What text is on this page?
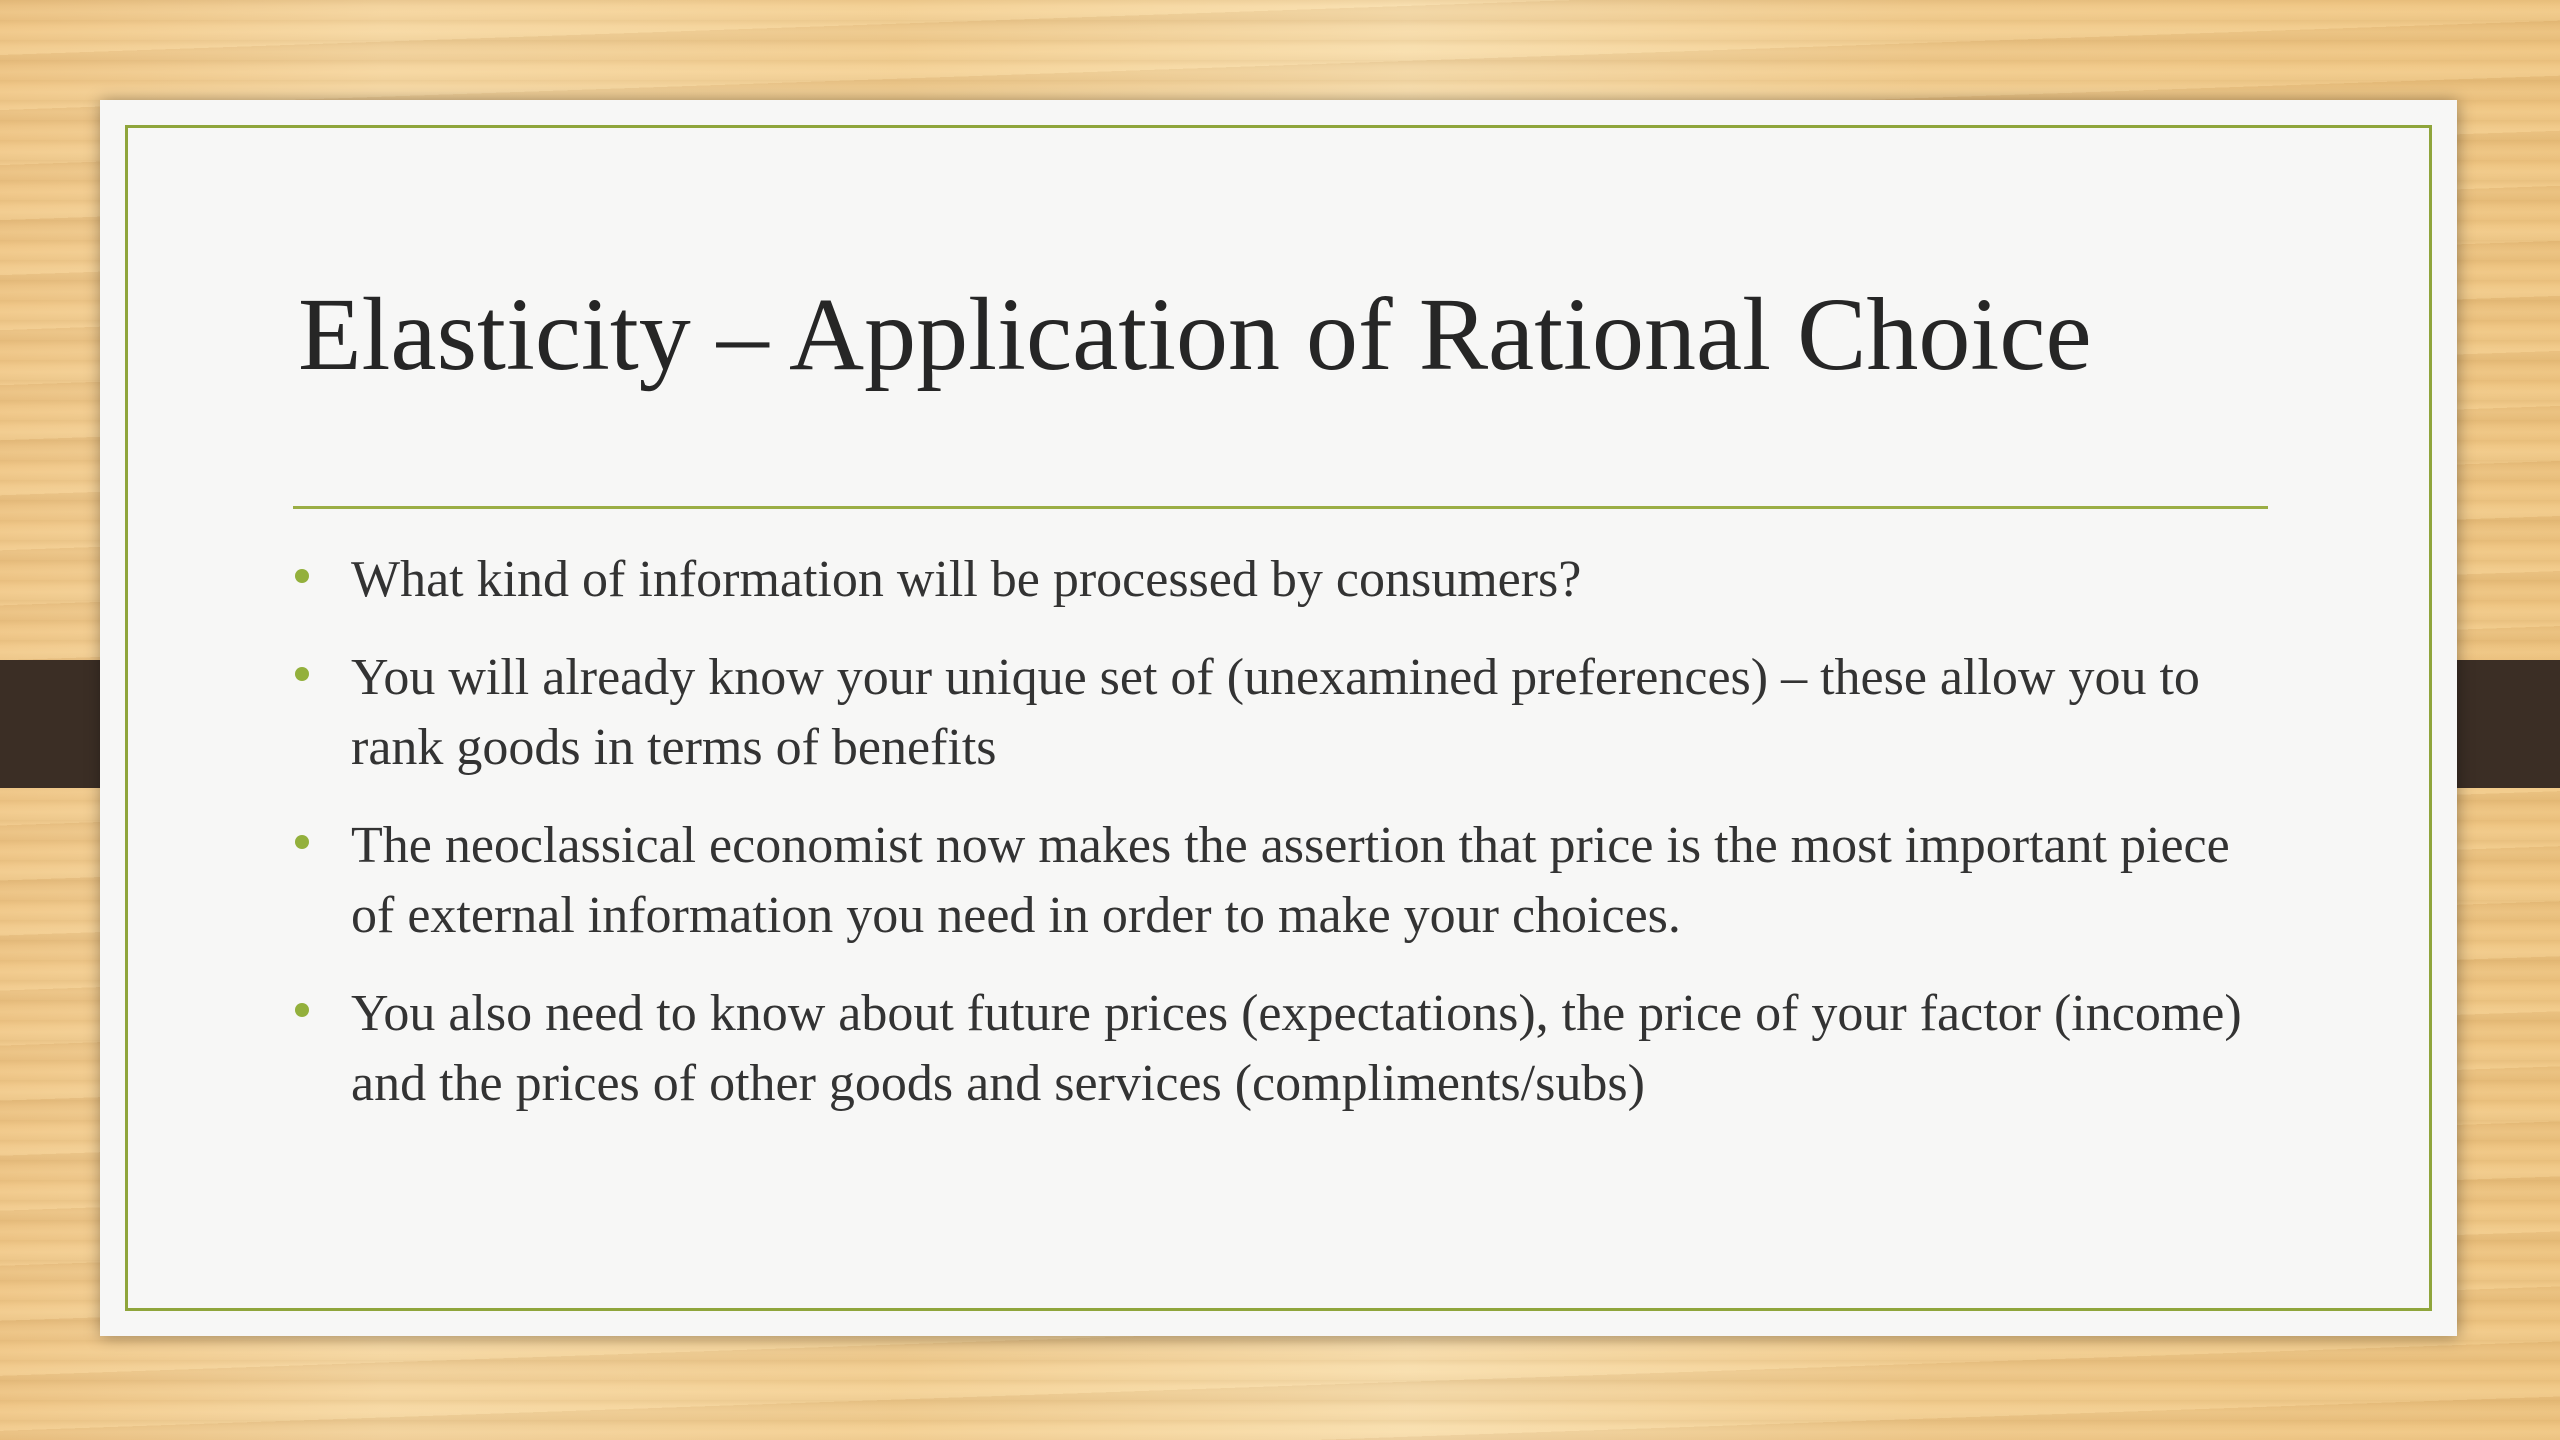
Elasticity – Application of Rational Choice
What kind of information will be processed by consumers?
You will already know your unique set of (unexamined preferences) – these allow you to rank goods in terms of benefits
The neoclassical economist now makes the assertion that price is the most important piece of external information you need in order to make your choices.
You also need to know about future prices (expectations), the price of your factor (income) and the prices of other goods and services (compliments/subs)
